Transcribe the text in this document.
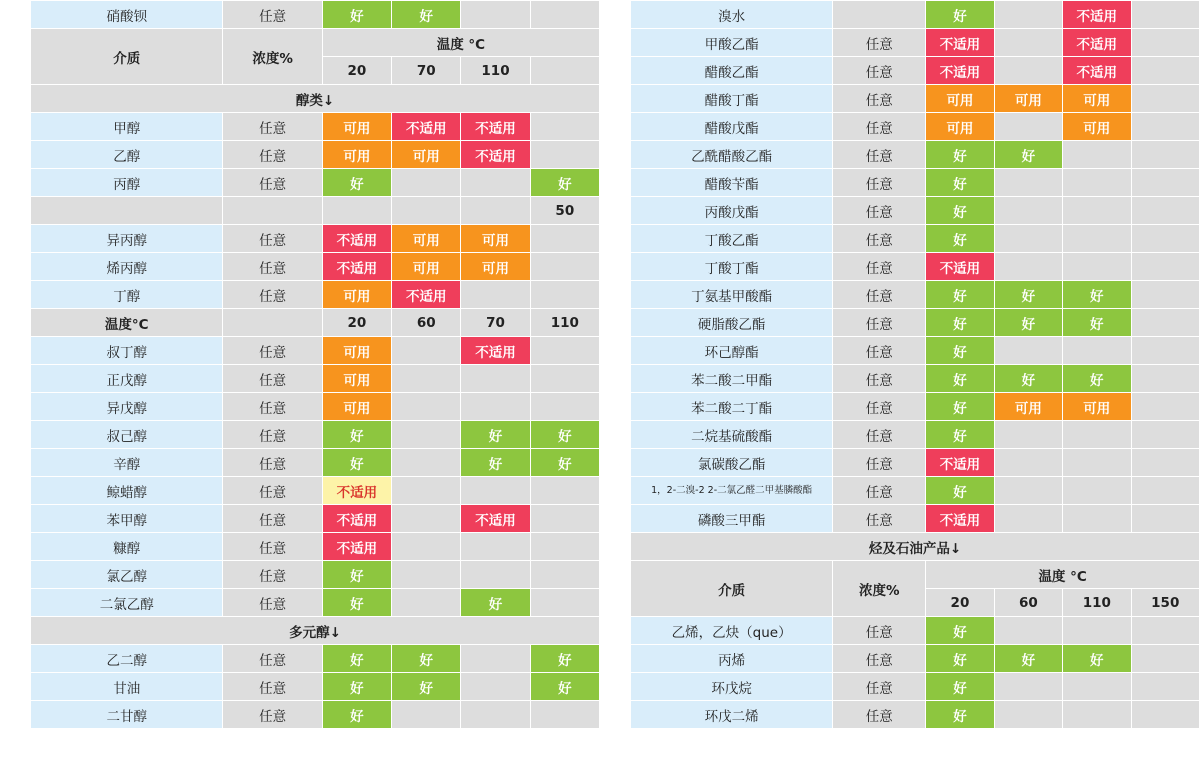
硝酸钡	任意	好	好		
介质	浓度%	温度 °C			
		20	70	110	
醇类↓					
甲醇	任意	可用	不适用	不适用	
乙醇	任意	可用	可用	不适用	
丙醇	任意	好			好
					50
异丙醇	任意	不适用	可用	可用	
烯丙醇	任意	不适用	可用	可用	
丁醇	任意	可用	不适用		
温度°C		20	60	70	110
叔丁醇	任意	可用		不适用	
正戊醇	任意	可用			
异戊醇	任意	可用			
叔己醇	任意	好		好	好
辛醇	任意	好		好	好
鲸蜡醇	任意	不适用			
苯甲醇	任意	不适用		不适用	
糠醇	任意	不适用			
氯乙醇	任意	好			
二氯乙醇	任意	好		好	
多元醇↓					
乙二醇	任意	好	好		好
甘油	任意	好	好		好
二甘醇	任意	好			
溴水		好		不适用	
甲酸乙酯	任意	不适用		不适用	
醋酸乙酯	任意	不适用		不适用	
醋酸丁酯	任意	可用	可用	可用	
醋酸戊酯	任意	可用		可用	
乙酰醋酸乙酯	任意	好	好		
醋酸苄酯	任意	好			
丙酸戊酯	任意	好			
丁酸乙酯	任意	好			
丁酸丁酯	任意	不适用			
丁氨基甲酸酯	任意	好	好	好	
硬脂酸乙酯	任意	好	好	好	
环己醇酯	任意	好			
苯二酸二甲酯	任意	好	好	好	
苯二酸二丁酯	任意	好	可用	可用	
二烷基硫酸酯	任意	好			
氯碳酸乙酯	任意	不适用			
1，2-二溴-2 2-二氯乙醛二甲基膦酸酯	任意	好			
磷酸三甲酯	任意	不适用			
烃及石油产品↓					
介质	浓度%	温度 °C			
		20	60	110	150
乙烯，乙炔（que）	任意	好			
丙烯	任意	好	好	好	
环戊烷	任意	好			
环戊二烯	任意	好			
